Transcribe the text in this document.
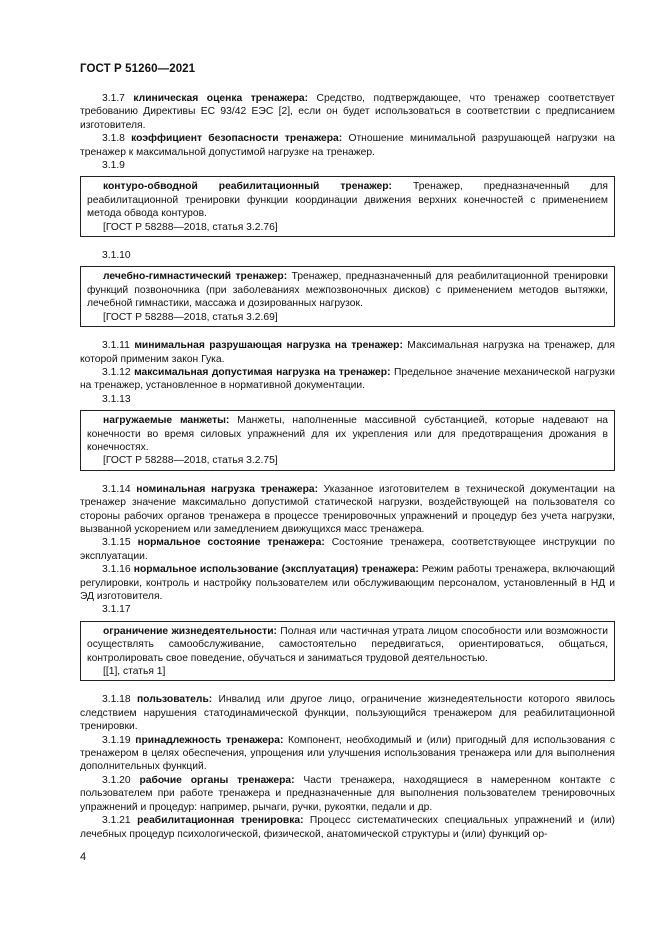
ГОСТ Р 51260—2021

3.1.7 клиническая оценка тренажера: Средство, подтверждающее, что тренажер соответствует требованию Директивы ЕС 93/42 ЕЭС [2], если он будет использоваться в соответствии с предписанием изготовителя.

3.1.8 коэффициент безопасности тренажера: Отношение минимальной разрушающей нагрузки на тренажер к максимальной допустимой нагрузке на тренажер.

3.1.9

контуро-обводной реабилитационный тренажер: Тренажер, предназначенный для реабилитационной тренировки функции координации движения верхних конечностей с применением метода обвода контуров.

[ГОСТ Р 58288—2018, статья 3.2.76]

3.1.10

лечебно-гимнастический тренажер: Тренажер, предназначенный для реабилитационной тренировки функций позвоночника (при заболеваниях межпозвоночных дисков) с применением методов вытяжки, лечебной гимнастики, массажа и дозированных нагрузок.

[ГОСТ Р 58288—2018, статья 3.2.69]

3.1.11 минимальная разрушающая нагрузка на тренажер: Максимальная нагрузка на тренажер, для которой применим закон Гука.

3.1.12 максимальная допустимая нагрузка на тренажер: Предельное значение механической нагрузки на тренажер, установленное в нормативной документации.

3.1.13

нагружаемые манжеты: Манжеты, наполненные массивной субстанцией, которые надевают на конечности во время силовых упражнений для их укрепления или для предотвращения дрожания в конечностях.

[ГОСТ Р 58288—2018, статья 3.2.75]

3.1.14 номинальная нагрузка тренажера: Указанное изготовителем в технической документации на тренажер значение максимально допустимой статической нагрузки, воздействующей на пользователя со стороны рабочих органов тренажера в процессе тренировочных упражнений и процедур без учета нагрузки, вызванной ускорением или замедлением движущихся масс тренажера.

3.1.15 нормальное состояние тренажера: Состояние тренажера, соответствующее инструкции по эксплуатации.

3.1.16 нормальное использование (эксплуатация) тренажера: Режим работы тренажера, включающий регулировки, контроль и настройку пользователем или обслуживающим персоналом, установленный в НД и ЭД изготовителя.

3.1.17

ограничение жизнедеятельности: Полная или частичная утрата лицом способности или возможности осуществлять самообслуживание, самостоятельно передвигаться, ориентироваться, общаться, контролировать свое поведение, обучаться и заниматься трудовой деятельностью.

[[1], статья 1]

3.1.18 пользователь: Инвалид или другое лицо, ограничение жизнедеятельности которого явилось следствием нарушения статодинамической функции, пользующийся тренажером для реабилитационной тренировки.

3.1.19 принадлежность тренажера: Компонент, необходимый и (или) пригодный для использования с тренажером в целях обеспечения, упрощения или улучшения использования тренажера или для выполнения дополнительных функций.

3.1.20 рабочие органы тренажера: Части тренажера, находящиеся в намеренном контакте с пользователем при работе тренажера и предназначенные для выполнения пользователем тренировочных упражнений и процедур: например, рычаги, ручки, рукоятки, педали и др.

3.1.21 реабилитационная тренировка: Процесс систематических специальных упражнений и (или) лечебных процедур психологической, физической, анатомической структуры и (или) функций ор-

4
